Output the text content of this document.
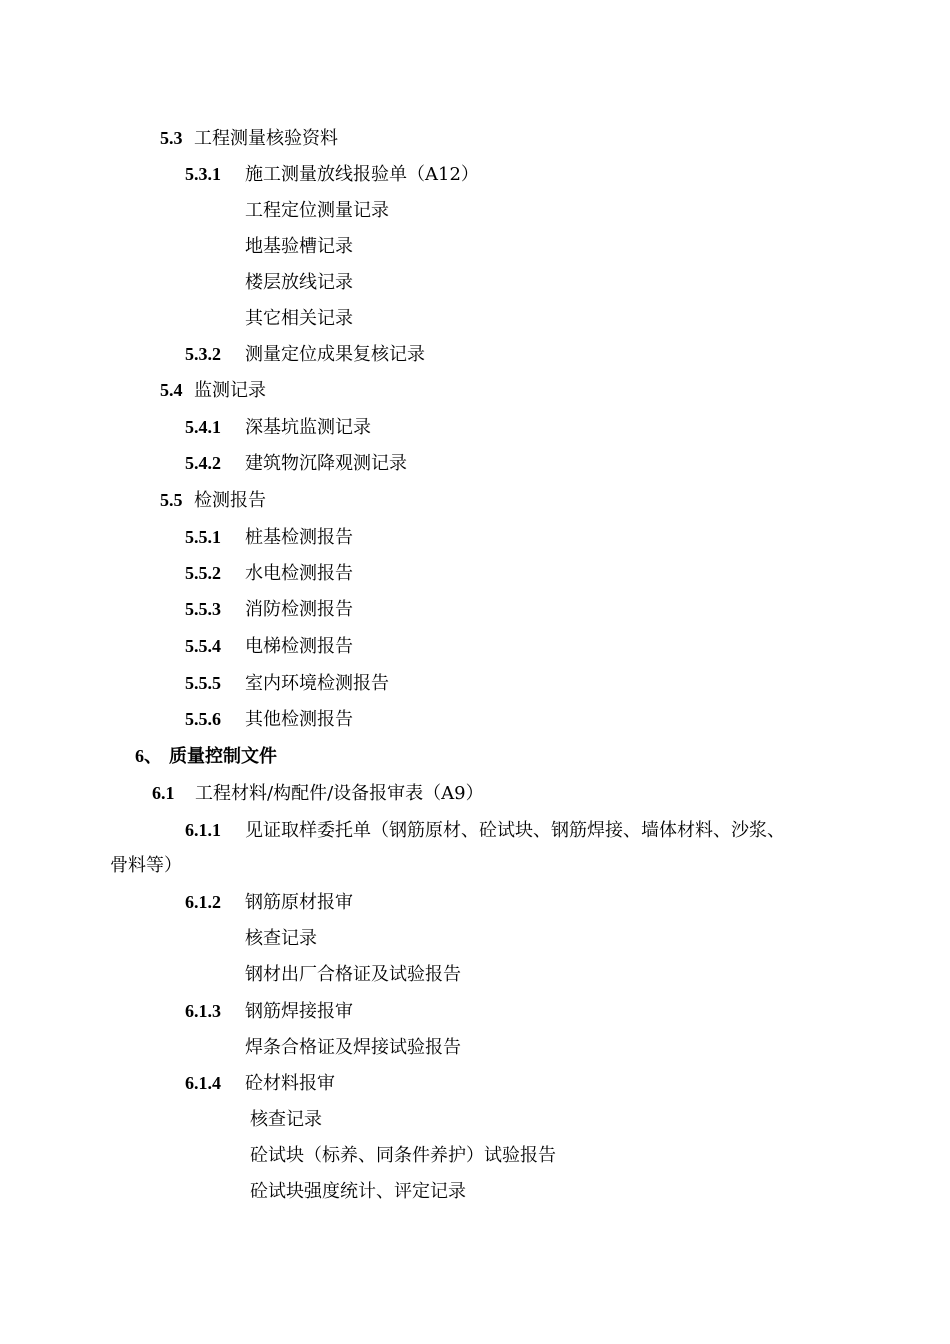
5.3 工程测量核验资料
5.3.1 施工测量放线报验单（A12）
工程定位测量记录
地基验槽记录
楼层放线记录
其它相关记录
5.3.2 测量定位成果复核记录
5.4 监测记录
5.4.1 深基坑监测记录
5.4.2 建筑物沉降观测记录
5.5 检测报告
5.5.1 桩基检测报告
5.5.2 水电检测报告
5.5.3 消防检测报告
5.5.4 电梯检测报告
5.5.5 室内环境检测报告
5.5.6 其他检测报告
6、 质量控制文件
6.1 工程材料/构配件/设备报审表（A9）
6.1.1 见证取样委托单（钢筋原材、砼试块、钢筋焊接、墙体材料、沙浆、
骨料等）
6.1.2 钢筋原材报审
核查记录
钢材出厂合格证及试验报告
6.1.3 钢筋焊接报审
焊条合格证及焊接试验报告
6.1.4 砼材料报审
核查记录
砼试块（标养、同条件养护）试验报告
砼试块强度统计、评定记录
